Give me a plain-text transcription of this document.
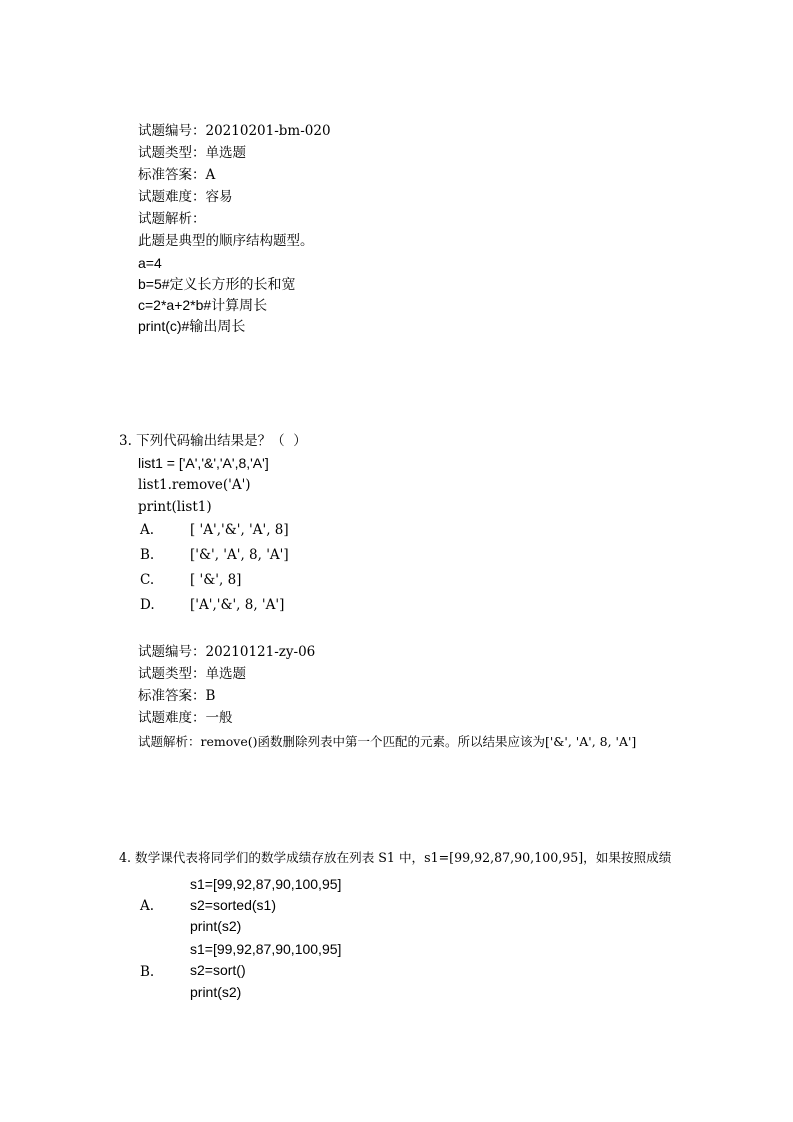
试题编号：20210201-bm-020
试题类型：单选题
标准答案：A
试题难度：容易
试题解析：
此题是典型的顺序结构题型。
a=4
b=5#定义长方形的长和宽
c=2*a+2*b#计算周长
print(c)#输出周长
3. 下列代码输出结果是？（  ）
list1 = ['A','&','A',8,'A']
list1.remove('A')
print(list1)
A.	[ 'A','&', 'A', 8]
B.	['&', 'A', 8, 'A']
C.	[ '&', 8]
D.	['A','&', 8, 'A']
试题编号：20210121-zy-06
试题类型：单选题
标准答案：B
试题难度：一般
试题解析：remove()函数删除列表中第一个匹配的元素。所以结果应该为['&', 'A', 8, 'A']
4. 数学课代表将同学们的数学成绩存放在列表 S1 中，s1=[99,92,87,90,100,95]，如果按照成绩
s1=[99,92,87,90,100,95]
A.	s2=sorted(s1)
print(s2)
s1=[99,92,87,90,100,95]
B.	s2=sort()
print(s2)
